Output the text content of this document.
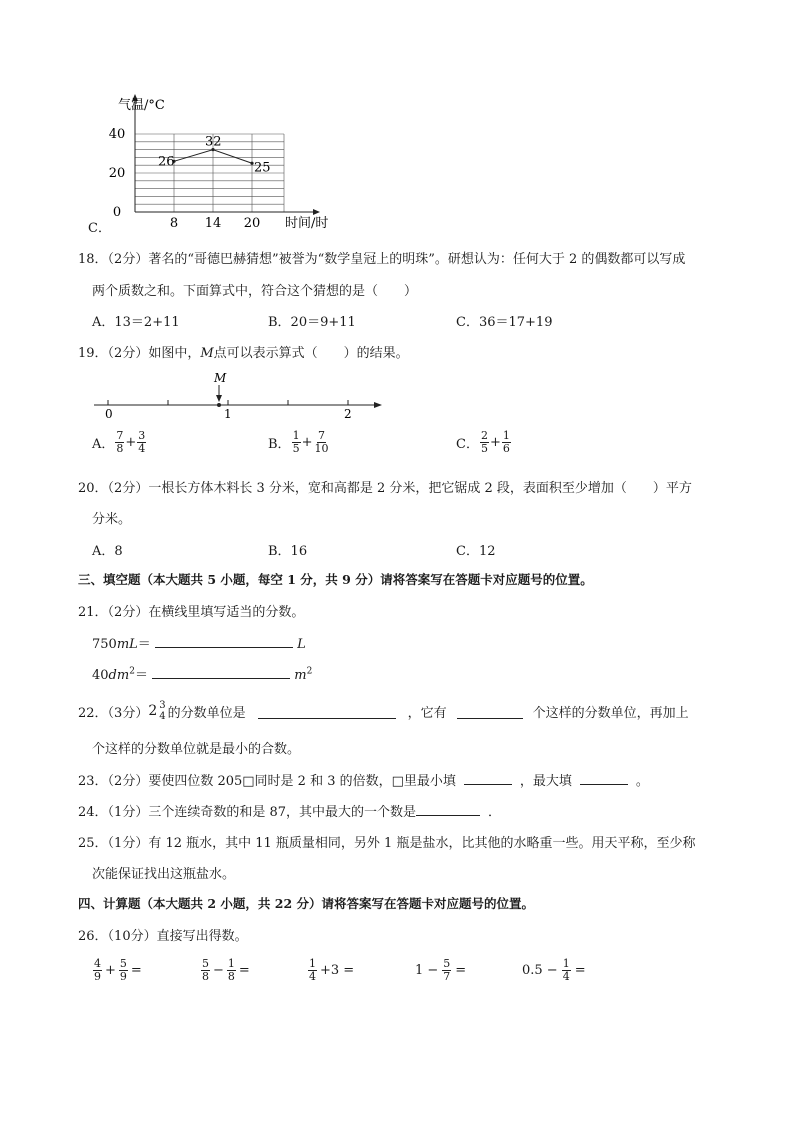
气温/°C
时间/时
40
20
0
8 14 20
26
32
25
C．
18．（2分）著名的“哥德巴赫猜想”被誉为“数学皇冠上的明珠”。研想认为：任何大于 2 的偶数都可以写成
两个质数之和。下面算式中，符合这个猜想的是（　　）
A．13＝2+11	B．20＝9+11	C．36＝17+19
19．（2分）如图中，M点可以表示算式（　　）的结果。
M
0	1	2
A． $\frac{7}{8} + \frac{3}{4}$	B． $\frac{1}{5} + \frac{7}{10}$	C． $\frac{2}{5} + \frac{1}{6}$
20．（2分）一根长方体木料长 3 分米，宽和高都是 2 分米，把它锯成 2 段，表面积至少增加（　　）平方
分米。
A．8	B．16	C．12
三、填空题（本大题共 5 小题，每空 1 分，共 9 分）请将答案写在答题卡对应题号的位置。
21．（2分）在横线里填写适当的分数。
750mL＝	L
$40dm^2=$	$m^2$
22．（3分） 2 3
4 的分数单位是	，它有	个这样的分数单位，再加上
个这样的分数单位就是最小的合数。
23．（2分）要使四位数 205□同时是 2 和 3 的倍数，□里最小填	，最大填	。
24．（1分）三个连续奇数的和是 87，其中最大的一个数是	．
25．（1分）有 12 瓶水，其中 11 瓶质量相同，另外 1 瓶是盐水，比其他的水略重一些。用天平称，至少称
次能保证找出这瓶盐水。
四、计算题（本大题共 2 小题，共 22 分）请将答案写在答题卡对应题号的位置。
26．（10分）直接写出得数。
$\frac{4}{9} + \frac{5}{9}$ =	$\frac{5}{8} - \frac{1}{8}$ =	$\frac{1}{4} +3$ =	$1 - \frac{5}{7}$ =	$0.5 - \frac{1}{4}$ =
